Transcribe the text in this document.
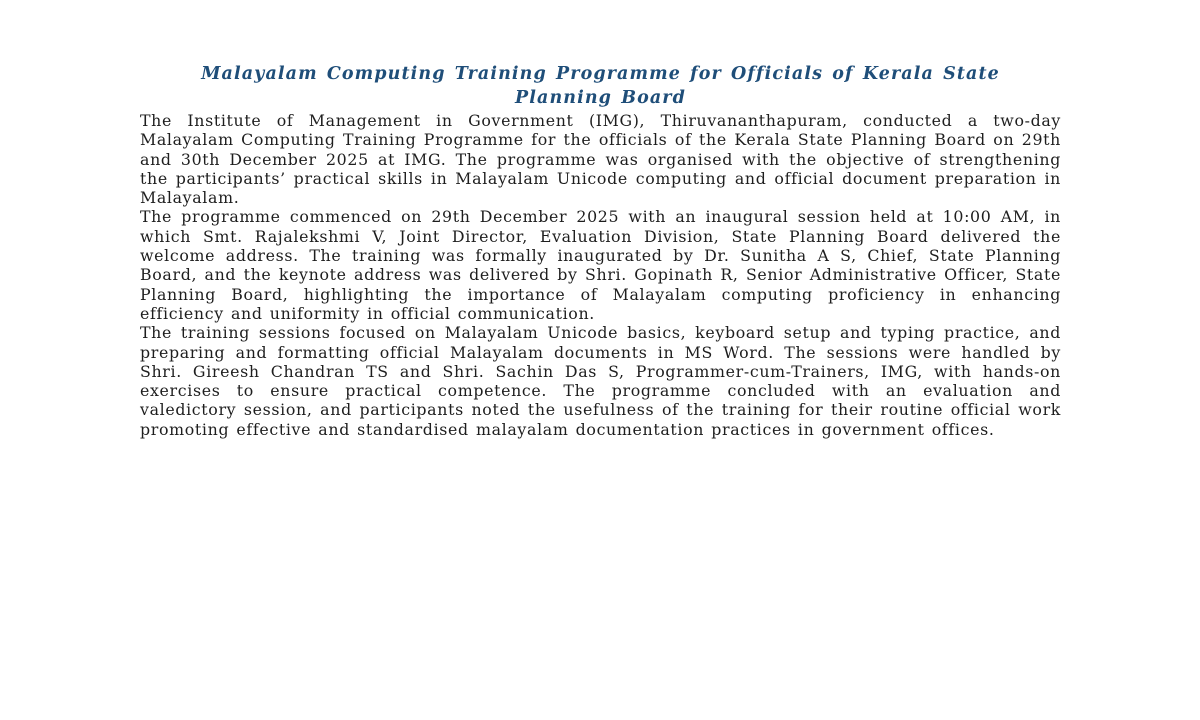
Malayalam Computing Training Programme for Officials of Kerala State
Planning Board

The Institute of Management in Government (IMG), Thiruvananthapuram, conducted a two-day Malayalam Computing Training Programme for the officials of the Kerala State Planning Board on 29th and 30th December 2025 at IMG. The programme was organised with the objective of strengthening the participants’ practical skills in Malayalam Unicode computing and official document preparation in Malayalam.

The programme commenced on 29th December 2025 with an inaugural session held at 10:00 AM, in which Smt. Rajalekshmi V, Joint Director, Evaluation Division, State Planning Board delivered the welcome address. The training was formally inaugurated by Dr. Sunitha A S, Chief, State Planning Board, and the keynote address was delivered by Shri. Gopinath R, Senior Administrative Officer, State Planning Board, highlighting the importance of Malayalam computing proficiency in enhancing efficiency and uniformity in official communication.

The training sessions focused on Malayalam Unicode basics, keyboard setup and typing practice, and preparing and formatting official Malayalam documents in MS Word. The sessions were handled by Shri. Gireesh Chandran TS and Shri. Sachin Das S, Programmer-cum-Trainers, IMG, with hands-on exercises to ensure practical competence. The programme concluded with an evaluation and valedictory session, and participants noted the usefulness of the training for their routine official work promoting effective and standardised malayalam documentation practices in government offices.
